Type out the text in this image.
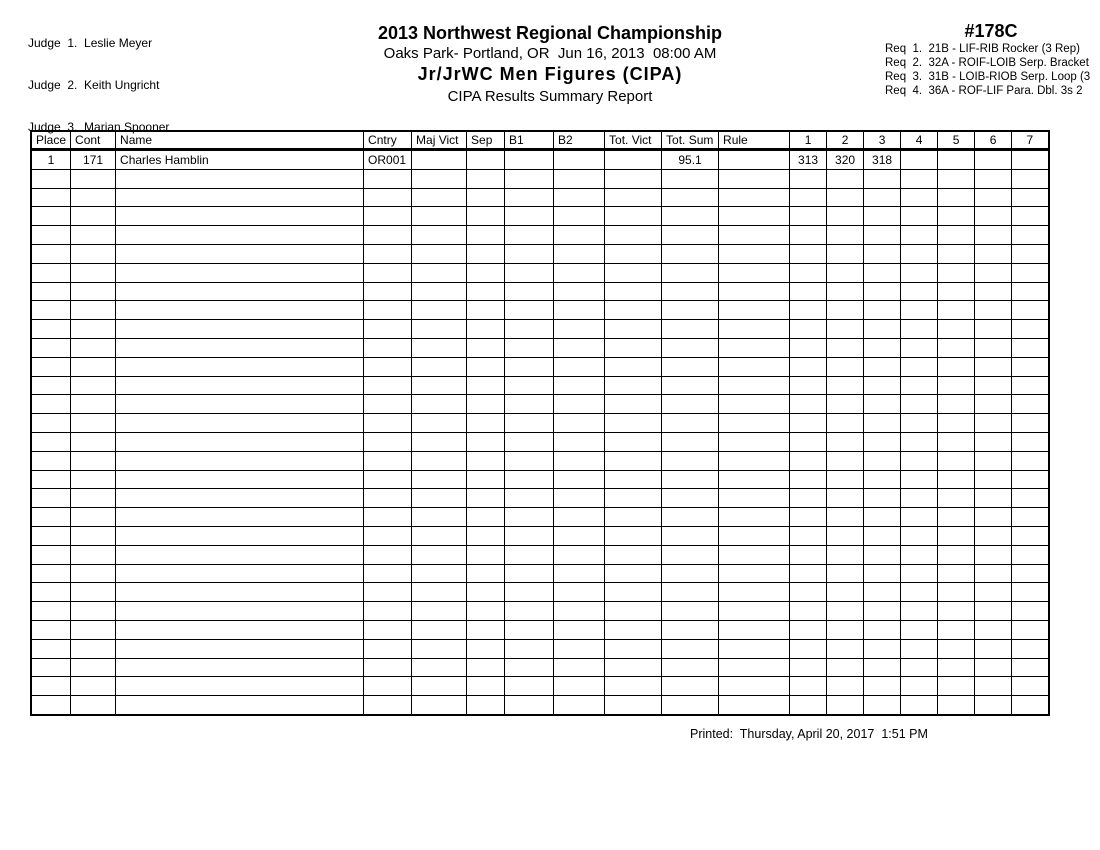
Judge  1.  Leslie Meyer

Judge  2.  Keith Ungricht

Judge  3.  Marian Spooner

2013 Northwest Regional Championship
Oaks Park- Portland, OR  Jun 16, 2013  08:00 AM
Jr/JrWC Men Figures (CIPA)
CIPA Results Summary Report
#178C
Req  1.  21B - LIF-RIB Rocker (3 Rep)
Req  2.  32A - ROIF-LOIB Serp. Bracket
Req  3.  31B - LOIB-RIOB Serp. Loop (3
Req  4.  36A - ROF-LIF Para. Dbl. 3s 2
Place	Cont	Name	Cntry	Maj Vict	Sep	B1	B2	Tot. Vict	Tot. Sum	Rule	1	2	3	4	5	6	7
1	171	Charles Hamblin	OR001						95.1		313	320	318				

Printed:  Thursday, April 20, 2017  1:51 PM
